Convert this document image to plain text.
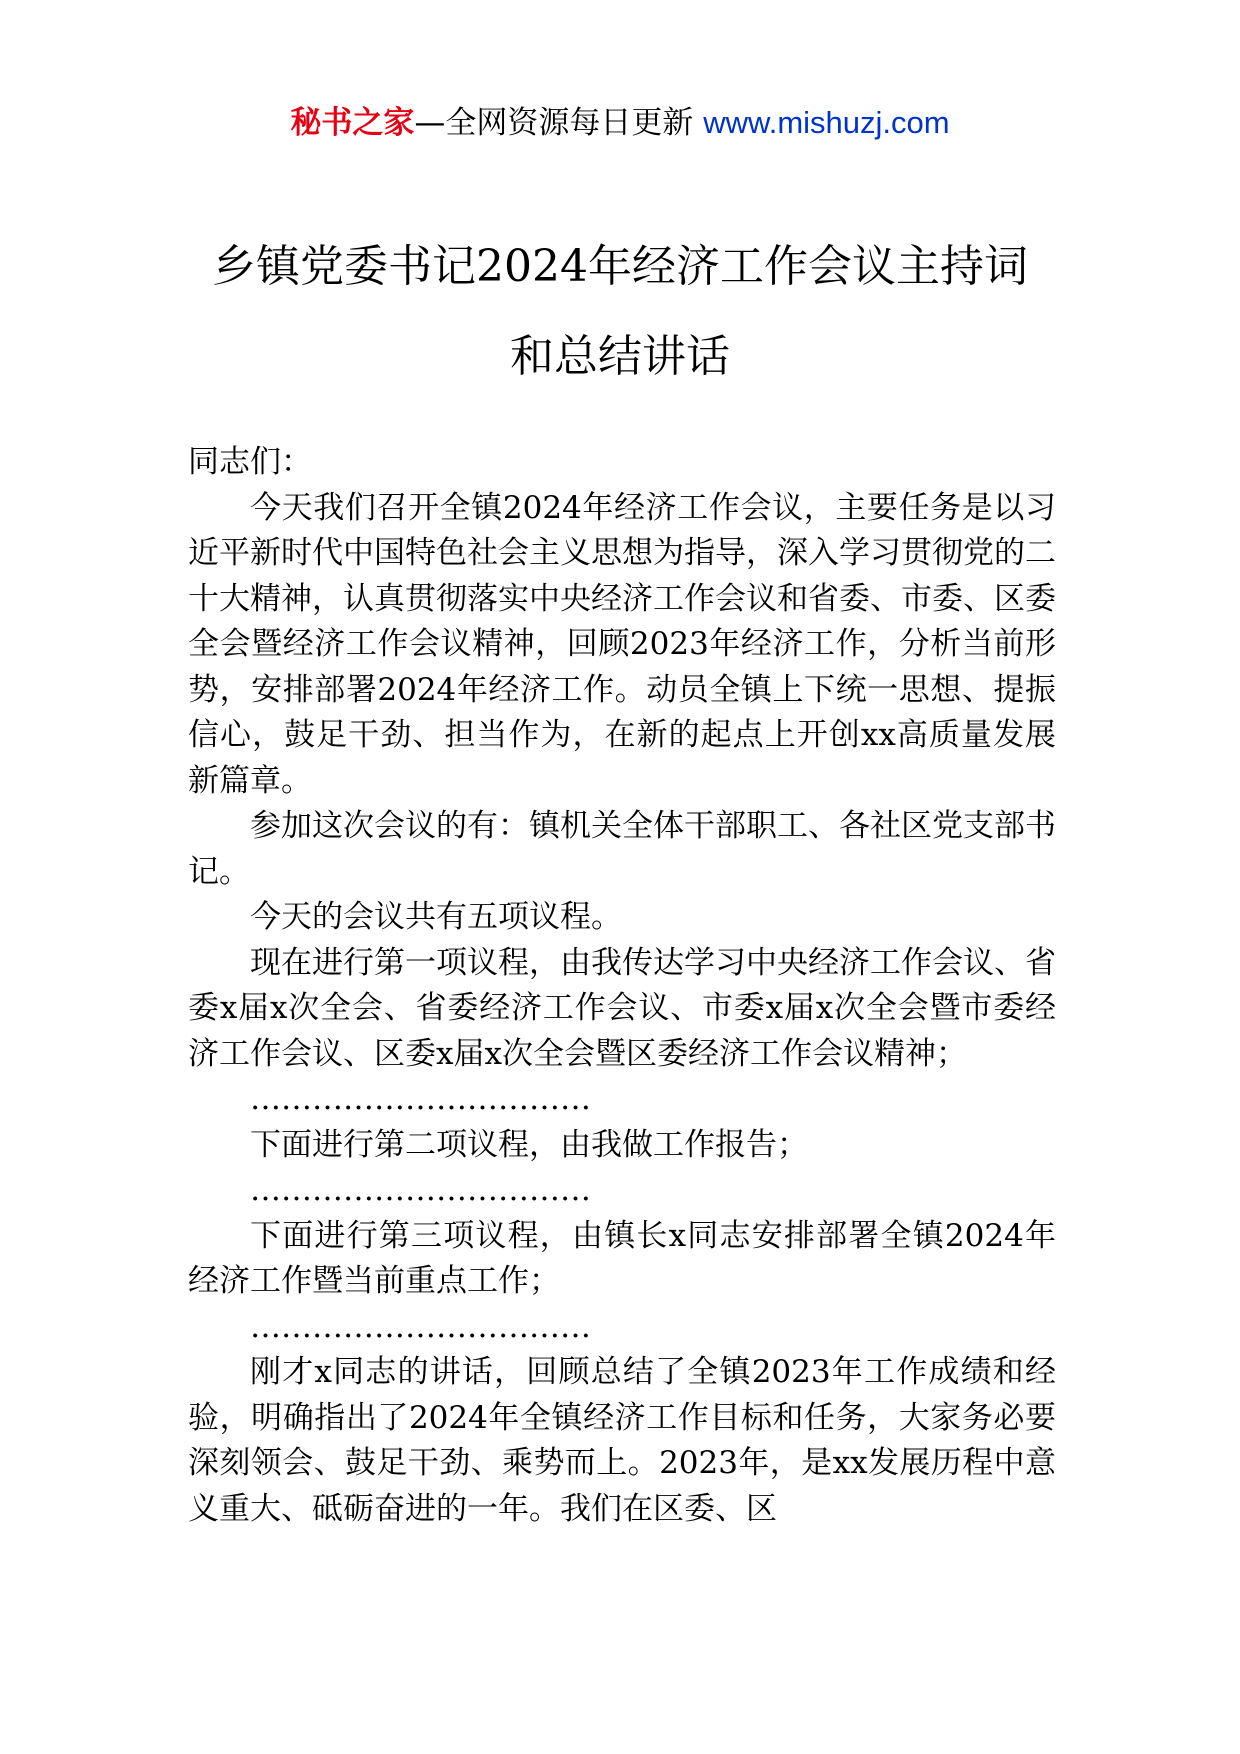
秘书之家—全网资源每日更新 www.mishuzj.com
乡镇党委书记2024年经济工作会议主持词
和总结讲话

同志们：

今天我们召开全镇2024年经济工作会议，主要任务是以习近平新时代中国特色社会主义思想为指导，深入学习贯彻党的二十大精神，认真贯彻落实中央经济工作会议和省委、市委、区委全会暨经济工作会议精神，回顾2023年经济工作，分析当前形势，安排部署2024年经济工作。动员全镇上下统一思想、提振信心，鼓足干劲、担当作为，在新的起点上开创xx高质量发展新篇章。

参加这次会议的有：镇机关全体干部职工、各社区党支部书记。

今天的会议共有五项议程。

现在进行第一项议程，由我传达学习中央经济工作会议、省委x届x次全会、省委经济工作会议、市委x届x次全会暨市委经济工作会议、区委x届x次全会暨区委经济工作会议精神；

……………………………

下面进行第二项议程，由我做工作报告；

……………………………

下面进行第三项议程，由镇长x同志安排部署全镇2024年经济工作暨当前重点工作；

……………………………

刚才x同志的讲话，回顾总结了全镇2023年工作成绩和经验，明确指出了2024年全镇经济工作目标和任务，大家务必要深刻领会、鼓足干劲、乘势而上。2023年，是xx发展历程中意义重大、砥砺奋进的一年。我们在区委、区
